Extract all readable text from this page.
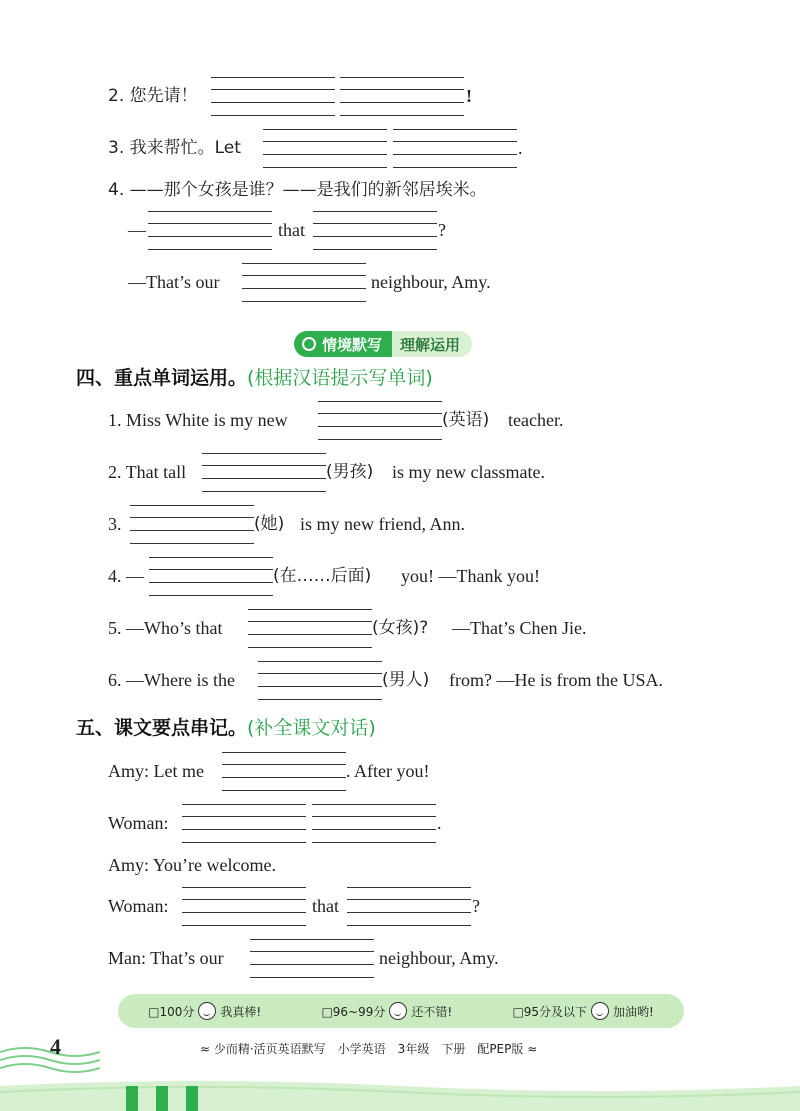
2. 您先请！	!
3. 我来帮忙。Let	.
4. ——那个女孩是谁？——是我们的新邻居埃米。
—	that	?
—That’s our	neighbour, Amy.
情境默写	理解运用
四、重点单词运用。(根据汉语提示写单词)
1. Miss White is my new	(英语) teacher.
2. That tall	(男孩) is my new classmate.
3.	(她) is my new friend, Ann.
4. —	(在……后面) you! —Thank you!
5. —Who’s that	(女孩)? —That’s Chen Jie.
6. —Where is the	(男人) from? —He is from the USA.
五、课文要点串记。(补全课文对话)
Amy: Let me	. After you!
Woman:	.
Amy: You’re welcome.
Woman:	that	?
Man: That’s our	neighbour, Amy.
□100分 我真棒!	□96~99分 还不错!	□95分及以下 加油哟!
4	≈ 少而精·活页英语默写　小学英语　3年级　下册　配PEP版 ≈
